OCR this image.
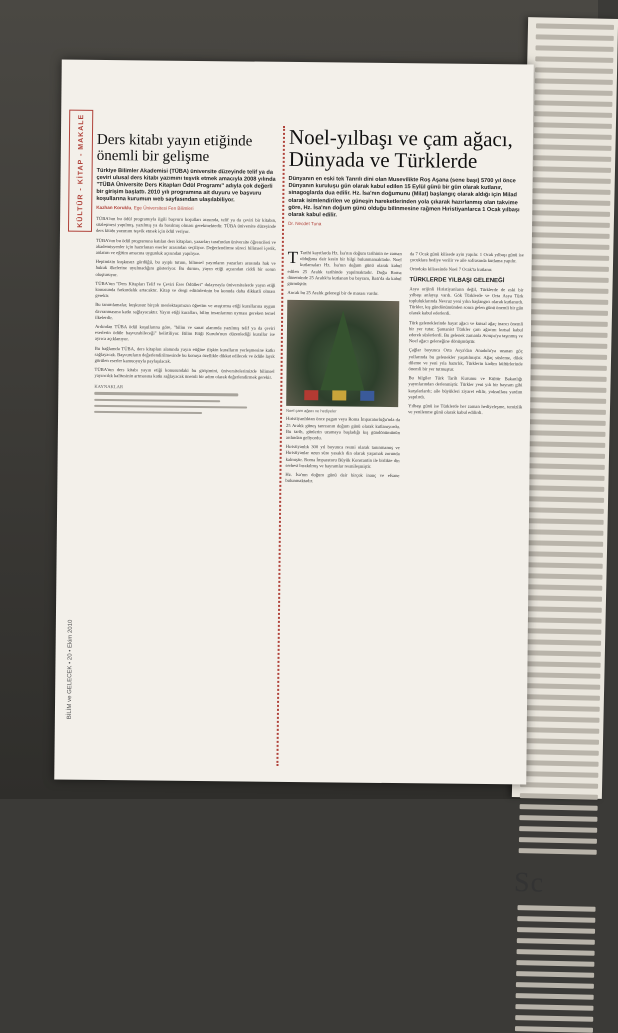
Sc
KÜLTÜR - KİTAP - MAKALE
BİLİM ve GELECEK • 20 • Ekim 2010
Ders kitabı yayın etiğinde önemli bir gelişme

Türkiye Bilimler Akademisi (TÜBA) üniversite düzeyinde telif ya da çeviri ulusal ders kitabı yazımını teşvik etmek amacıyla 2008 yılında "TÜBA Üniversite Ders Kitapları Ödül Programı" adıyla çok değerli bir girişim başlattı. 2010 yılı programına ait duyuru ve başvuru koşullarına kurumun web sayfasından ulaşılabiliyor.

Kazhan Koruklu, Ege Üniversitesi Fen Bilimleri

TÜBA'nın bu ödül programıyla ilgili başvuru koşulları arasında, telif ya da çeviri bir kitabın, sözleşmesi yapılmış, yazılmış ya da basılmış olması gerekmektedir. TÜBA üniversite düzeyinde ders kitabı yazımını teşvik etmek için ödül veriyor.

TÜBA'nın bu ödül programına katılan ders kitapları, yazarları tarafından üniversite öğrencileri ve akademisyenler için hazırlanan eserler arasından seçiliyor. Değerlendirme süreci bilimsel içerik, anlatım ve eğitim amacına uygunluk açısından yapılıyor.

Hepimizin kuşkusuz gördüğü, bu ayıplı tutum, bilimsel yayınların yazarları arasında hak ve hukuk ilkelerine uyulmadığını gösteriyor. Bu durum, yayın etiği açısından ciddi bir sorun oluşturuyor.

TÜBA'nın "Ders Kitapları Telif ve Çeviri Eser Ödülleri" dolayısıyla üniversitelerde yayın etiği konusunda farkındalık artacaktır. Kitap ve dergi editörlerinin bu konuda daha dikkatli olması gerekir.

Bu tanımlamalar, kuşkusuz birçok meslektaşımızın öğretim ve araştırma etiği kurallarına uygun davranmasına katkı sağlayacaktır. Yayın etiği kuralları, bilim insanlarının uyması gereken temel ilkelerdir.

Ardından TÜBA ödül koşullarına göre, "bilim ve sanat alanında yazılmış telif ya da çeviri eserlerin ödüle başvurabileceği" belirtiliyor. Bilim Etiği Kurulu'nun düzenlediği kurallar ise ayrıca açıklanıyor.

Bu bağlamda TÜBA, ders kitapları alanında yayın etiğine ilişkin kuralların yerleşmesine katkı sağlayacak. Başvuruların değerlendirilmesinde bu konuya özellikle dikkat edilecek ve ödüle layık görülen eserler kamuoyuyla paylaşılacak.

TÜBA'nın ders kitabı yayın etiği konusundaki bu girişimini, üniversitelerimizde bilimsel yayıncılık kalitesinin artmasına katkı sağlayacak önemli bir adım olarak değerlendirmek gerekir.

KAYNAKLAR
Noel-yılbaşı ve çam ağacı, Dünyada ve Türklerde

Dünyanın en eski tek Tanrılı dini olan Musevilikte Roş Aşana (sene başı) 5700 yıl önce Dünyanın kuruluşu gün olarak kabul edilen 15 Eylül günü bir gün olarak kutlanır, sinagoglarda dua edilir. Hz. İsa'nın doğumunu (Milat) başlangıç olarak aldığı için Milad olarak isimlendirilen ve güneşin hareketlerinden yola çıkarak hazırlanmış olan takvime göre, Hz. İsa'nın doğum günü olduğu bilinmesine rağmen Hıristiyanlarca 1 Ocak yılbaşı olarak kabul edilir.

Dr. Necdet Tuna

T Tarihi kayıtlarda Hz. İsa'nın doğum tarihinin ne zaman olduğuna dair kesin bir bilgi bulunmamaktadır. Noel kutlamaları Hz. İsa'nın doğum günü olarak kabul edilen 25 Aralık tarihinde yapılmaktadır. Doğu Roma döneminde 25 Aralık'ta kutlanan bu bayram, Batı'da da kabul görmüştür.

Ancak bu 25 Aralık gelenegi bir de masası vardır.

Noel çam ağacı ve hediyeler

Hıristiyanlıktan önce pagan veya Roma İmparatorluğu'nda da 25 Aralık güneş tanrısının doğum günü olarak kutlanıyordu. Bu tarih, günlerin uzamaya başladığı kış gündönümünün ardından geliyordu.

Hıristiyanlık 300 yıl boyunca resmi olarak tanınmamış ve Hıristiyanlar uzun süre yasaklı din olarak yaşamak zorunda kalmıştır. Roma İmparatoru Büyük Konstantin ile birlikte din serbest bırakılmış ve bayramlar resmileşmiştir.

Hz. İsa'nın doğum günü dair birçok inanç ve efsane bulunmaktadır.

da 7 Ocak günü kilisede ayin yapılır. 1 Ocak yılbaşı günü ise çocuklara hediye verilir ve aile sofrasında kutlama yapılır.

Ortodoks kilisesinde Noel 7 Ocak'ta kutlanır.

TÜRKLERDE YILBAŞI GELENEĞİ

Asya orijinli Hıristiyanların değil, Türklerde de eski bir yılbaşı anlayışı vardı. Gök Türklerde ve Orta Asya Türk topluluklarında Nevruz yeni yılın başlangıcı olarak kutlanırdı. Türkler, kış gündönümünden sonra gelen günü önemli bir gün olarak kabul ederlerdi.

Türk geleneklerinde hayat ağacı ve kutsal ağaç inancı önemli bir yer tutar. Şamanist Türkler çam ağacını kutsal kabul ederek süslerlerdi. Bu gelenek zamanla Avrupa'ya taşınmış ve Noel ağacı geleneğine dönüşmüştür.

Çağlar boyunca Orta Asya'dan Anadolu'ya uzanan göç yollarında bu gelenekler yaşatılmıştır. Ağaç süsleme, dilek dileme ve yeni yıla hazırlık, Türklerin kadim kültürlerinde önemli bir yer tutmuştur.

Bu bilgiler Türk Tarih Kurumu ve Kültür Bakanlığı yayınlarından derlenmiştir. Türkler yeni yılı bir bayram gibi karşılarlardı; aile büyükleri ziyaret edilir, yoksullara yardım yapılırdı.

Yılbaşı günü ise Türklerde her zaman hediyeleşme, temizlik ve yenilenme günü olarak kabul edilirdi.
